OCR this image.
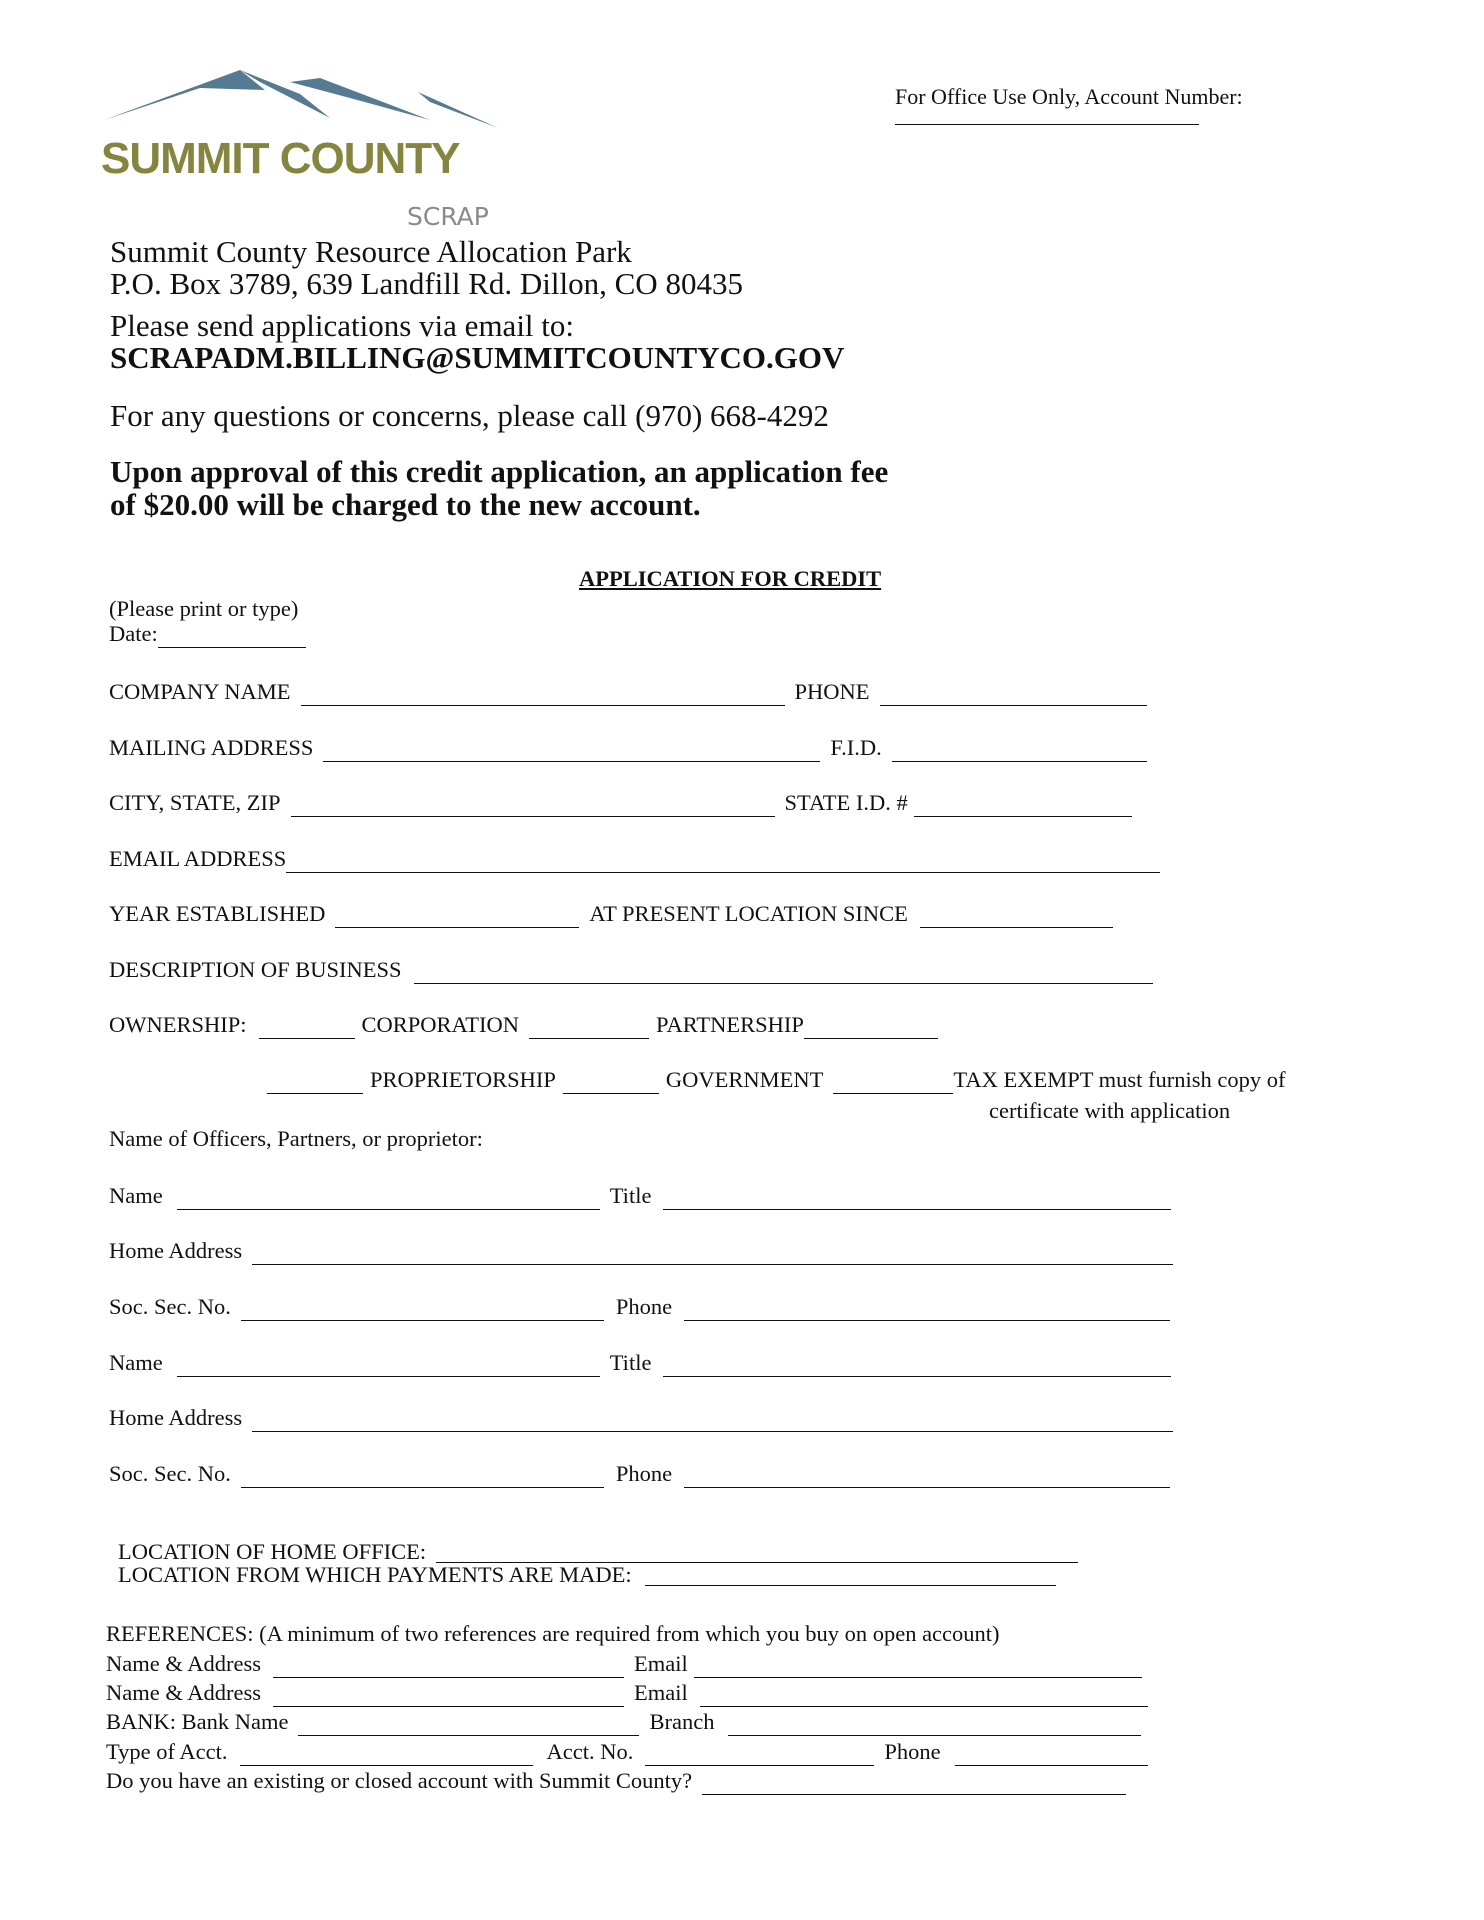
SUMMIT COUNTY
SCRAP
For Office Use Only, Account Number:
Summit County Resource Allocation Park
P.O. Box 3789, 639 Landfill Rd. Dillon, CO 80435
Please send applications via email to:
SCRAPADM.BILLING@SUMMITCOUNTYCO.GOV
For any questions or concerns, please call (970) 668-4292
Upon approval of this credit application, an application fee
of $20.00 will be charged to the new account.
APPLICATION FOR CREDIT
(Please print or type)
Date:
COMPANY NAME	PHONE
MAILING ADDRESS	F.I.D.
CITY, STATE, ZIP	STATE I.D. #
EMAIL ADDRESS
YEAR ESTABLISHED	AT PRESENT LOCATION SINCE
DESCRIPTION OF BUSINESS
OWNERSHIP:	CORPORATION	PARTNERSHIP
PROPRIETORSHIP	GOVERNMENT	TAX EXEMPT must furnish copy of
certificate with application
Name of Officers, Partners, or proprietor:
Name	Title
Home Address
Soc. Sec. No.	Phone
Name	Title
Home Address
Soc. Sec. No.	Phone
LOCATION OF HOME OFFICE:
LOCATION FROM WHICH PAYMENTS ARE MADE:
REFERENCES: (A minimum of two references are required from which you buy on open account)
Name & Address	Email
Name & Address	Email
BANK: Bank Name	Branch
Type of Acct.	Acct. No.	Phone
Do you have an existing or closed account with Summit County?
